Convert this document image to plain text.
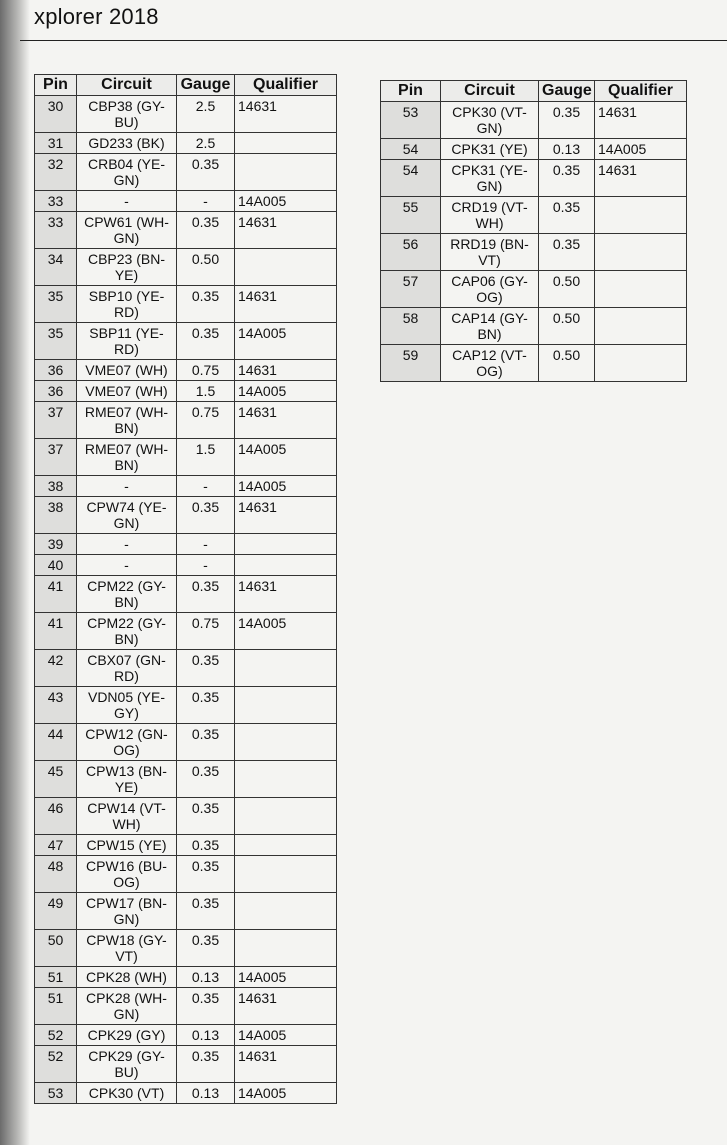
xplorer 2018
Pin	Circuit	Gauge	Qualifier
30	CBP38 (GY-BU)	2.5	14631
31	GD233 (BK)	2.5	
32	CRB04 (YE-GN)	0.35	
33	-	-	14A005
33	CPW61 (WH-GN)	0.35	14631
34	CBP23 (BN-YE)	0.50	
35	SBP10 (YE-RD)	0.35	14631
35	SBP11 (YE-RD)	0.35	14A005
36	VME07 (WH)	0.75	14631
36	VME07 (WH)	1.5	14A005
37	RME07 (WH-BN)	0.75	14631
37	RME07 (WH-BN)	1.5	14A005
38	-	-	14A005
38	CPW74 (YE-GN)	0.35	14631
39	-	-	
40	-	-	
41	CPM22 (GY-BN)	0.35	14631
41	CPM22 (GY-BN)	0.75	14A005
42	CBX07 (GN-RD)	0.35	
43	VDN05 (YE-GY)	0.35	
44	CPW12 (GN-OG)	0.35	
45	CPW13 (BN-YE)	0.35	
46	CPW14 (VT-WH)	0.35	
47	CPW15 (YE)	0.35	
48	CPW16 (BU-OG)	0.35	
49	CPW17 (BN-GN)	0.35	
50	CPW18 (GY-VT)	0.35	
51	CPK28 (WH)	0.13	14A005
51	CPK28 (WH-GN)	0.35	14631
52	CPK29 (GY)	0.13	14A005
52	CPK29 (GY-BU)	0.35	14631
53	CPK30 (VT)	0.13	14A005
Pin	Circuit	Gauge	Qualifier
53	CPK30 (VT-GN)	0.35	14631
54	CPK31 (YE)	0.13	14A005
54	CPK31 (YE-GN)	0.35	14631
55	CRD19 (VT-WH)	0.35	
56	RRD19 (BN-VT)	0.35	
57	CAP06 (GY-OG)	0.50	
58	CAP14 (GY-BN)	0.50	
59	CAP12 (VT-OG)	0.50	
